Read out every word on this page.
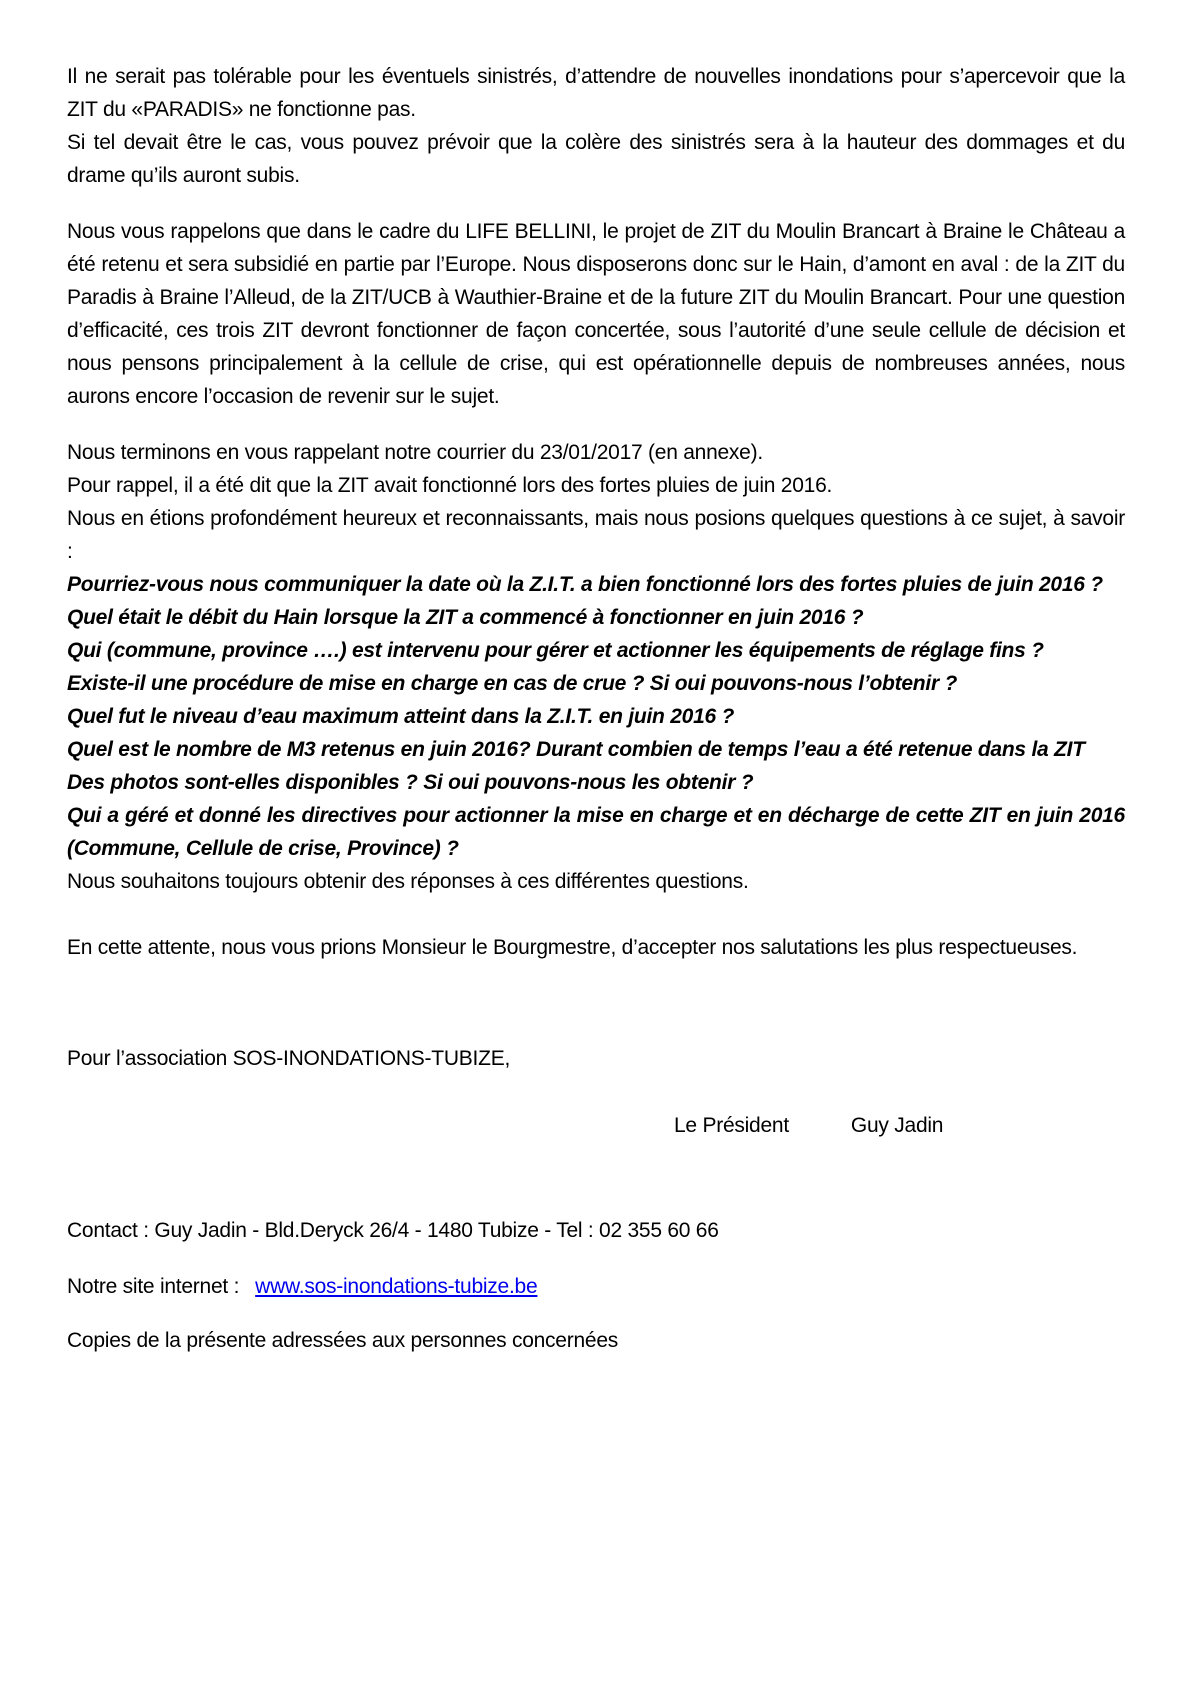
Il ne serait pas tolérable pour les éventuels sinistrés, d’attendre de nouvelles inondations pour s’apercevoir que la ZIT du «PARADIS» ne fonctionne pas.
Si tel devait être le cas, vous pouvez prévoir que la colère des sinistrés sera à la hauteur des dommages et du drame qu’ils auront subis.
Nous vous rappelons que dans le cadre du LIFE BELLINI, le projet de ZIT du Moulin Brancart à Braine le Château a été retenu et sera subsidié en partie par l’Europe. Nous disposerons donc sur le Hain, d’amont en aval : de la ZIT du Paradis à Braine l’Alleud, de la ZIT/UCB à Wauthier-Braine et de la future ZIT du Moulin Brancart. Pour une question d’efficacité, ces trois ZIT devront fonctionner de façon concertée, sous l’autorité d’une seule cellule de décision et nous pensons principalement à la cellule de crise, qui est opérationnelle depuis de nombreuses années, nous aurons encore l’occasion de revenir sur le sujet.
Nous terminons en vous rappelant notre courrier du 23/01/2017 (en annexe).
Pour rappel, il a été dit que la ZIT avait fonctionné lors des fortes pluies de juin 2016.
Nous en étions profondément heureux et reconnaissants, mais nous posions quelques questions à ce sujet, à savoir :
Pourriez-vous nous communiquer la date où la Z.I.T. a bien fonctionné lors des fortes pluies de juin 2016 ?
Quel était le débit du Hain lorsque la ZIT a commencé à fonctionner en juin 2016 ?
Qui (commune, province ….) est intervenu pour gérer et actionner les équipements de réglage fins ?
Existe-il une procédure de mise en charge en cas de crue ? Si oui pouvons-nous l’obtenir ?
Quel fut le niveau d’eau maximum atteint dans la Z.I.T. en juin 2016 ?
Quel est le nombre de M3 retenus en juin 2016? Durant combien de temps l’eau a été retenue dans la ZIT
Des photos sont-elles disponibles ? Si oui pouvons-nous les obtenir ?
Qui a géré et donné les directives pour actionner la mise en charge et en décharge de cette ZIT en juin 2016 (Commune, Cellule de crise, Province) ?
Nous souhaitons toujours obtenir des réponses à ces différentes questions.
En cette attente, nous vous prions Monsieur le Bourgmestre, d’accepter nos salutations les plus respectueuses.
Pour l’association SOS-INONDATIONS-TUBIZE,
Le Président	Guy Jadin
Contact : Guy Jadin - Bld.Deryck 26/4 - 1480 Tubize - Tel : 02 355 60 66
Notre site internet : www.sos-inondations-tubize.be
Copies de la présente adressées aux personnes concernées
